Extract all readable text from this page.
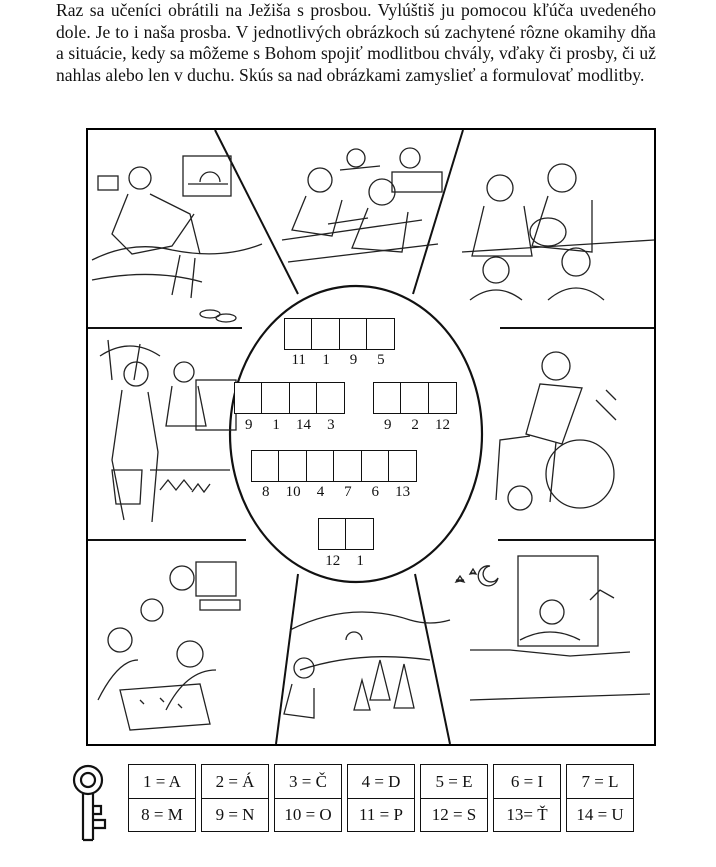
Raz sa učeníci obrátili na Ježiša s prosbou. Vylúštiš ju pomocou kľúča uvedeného dole. Je to i naša prosba. V jednotlivých obrázkoch sú zachytené rôzne okamihy dňa a situácie, kedy sa môžeme s Bohom spojiť modlitbou chvály, vďaky či prosby, či už nahlas alebo len v duchu. Skús sa nad obrázkami zamyslieť a formulovať modlitby.
11	1	9	5
9	1	14	3	9	2	12
8	10	4	7	6	13
12	1
1 = A	2 = Á	3 = Č	4 = D	5 = E	6 = I	7 = L
8 = M	9 = N	10 = O	11 = P	12 = S	13= Ť	14 = U
